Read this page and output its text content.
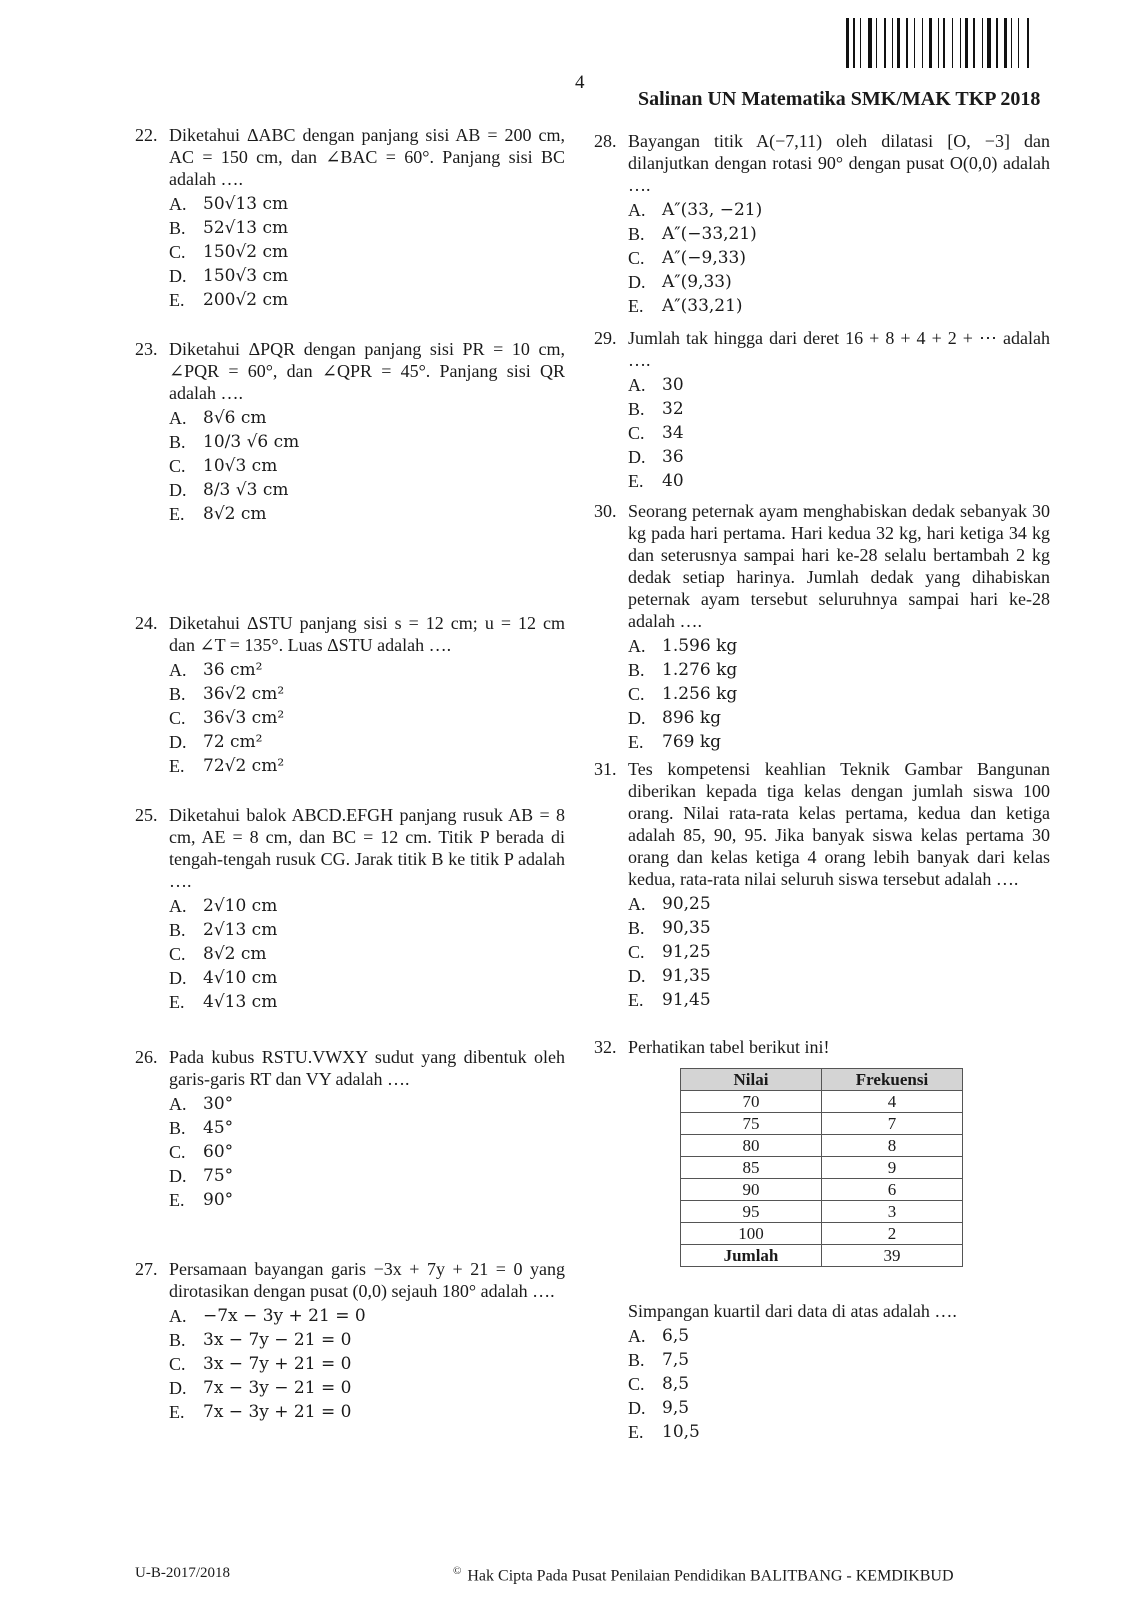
4
Salinan UN Matematika SMK/MAK TKP 2018
22. Diketahui ΔABC dengan panjang sisi AB = 200 cm, AC = 150 cm, dan ∠BAC = 60°. Panjang sisi BC adalah ….
A. 50√13 cm
B.	52√13 cm
C.	150√2 cm
D. 150√3 cm
E.	200√2 cm
23. Diketahui ΔPQR dengan panjang sisi PR = 10 cm, ∠PQR = 60°, dan ∠QPR = 45°. Panjang sisi QR adalah ….
A. 8√6 cm
B.	10/3 √6 cm
C.	10√3 cm
D. 8/3 √3 cm
E.	8√2 cm
24. Diketahui ΔSTU panjang sisi s = 12 cm; u = 12 cm dan ∠T = 135°. Luas ΔSTU adalah ….
A. 36 cm²
B.	36√2 cm²
C.	36√3 cm²
D. 72 cm²
E.	72√2 cm²
25. Diketahui balok ABCD.EFGH panjang rusuk AB = 8 cm, AE = 8 cm, dan BC = 12 cm. Titik P berada di tengah-tengah rusuk CG. Jarak titik B ke titik P adalah ….
A. 2√10 cm
B.	2√13 cm
C.	8√2 cm
D. 4√10 cm
E.	4√13 cm
26. Pada kubus RSTU.VWXY sudut yang dibentuk oleh garis-garis RT dan VY adalah ….
A. 30°
B.	45°
C.	60°
D. 75°
E.	90°
27. Persamaan bayangan garis −3x + 7y + 21 = 0 yang dirotasikan dengan pusat (0,0) sejauh 180° adalah ….
A. −7x − 3y + 21 = 0
B.	3x − 7y − 21 = 0
C.	3x − 7y + 21 = 0
D. 7x − 3y − 21 = 0
E.	7x − 3y + 21 = 0
28. Bayangan titik A(−7,11) oleh dilatasi [O, −3] dan dilanjutkan dengan rotasi 90° dengan pusat O(0,0) adalah ….
A. A″(33, −21)
B.	A″(−33,21)
C.	A″(−9,33)
D. A″(9,33)
E.	A″(33,21)
29. Jumlah tak hingga dari deret 16 + 8 + 4 + 2 + ⋯ adalah ….
A. 30
B.	32
C.	34
D. 36
E.	40
30. Seorang peternak ayam menghabiskan dedak sebanyak 30 kg pada hari pertama. Hari kedua 32 kg, hari ketiga 34 kg dan seterusnya sampai hari ke-28 selalu bertambah 2 kg dedak setiap harinya. Jumlah dedak yang dihabiskan peternak ayam tersebut seluruhnya sampai hari ke-28 adalah ….
A. 1.596 kg
B.	1.276 kg
C.	1.256 kg
D. 896 kg
E.	769 kg
31. Tes kompetensi keahlian Teknik Gambar Bangunan diberikan kepada tiga kelas dengan jumlah siswa 100 orang. Nilai rata-rata kelas pertama, kedua dan ketiga adalah 85, 90, 95. Jika banyak siswa kelas pertama 30 orang dan kelas ketiga 4 orang lebih banyak dari kelas kedua, rata-rata nilai seluruh siswa tersebut adalah ….
A. 90,25
B.	90,35
C.	91,25
D. 91,35
E.	91,45
32. Perhatikan tabel berikut ini!
Nilai	Frekuensi
70	4
75	7
80	8
85	9
90	6
95	3
100	2
Jumlah	39
Simpangan kuartil dari data di atas adalah ….
A. 6,5
B.	7,5
C.	8,5
D. 9,5
E.	10,5
U-B-2017/2018	© Hak Cipta Pada Pusat Penilaian Pendidikan BALITBANG - KEMDIKBUD
